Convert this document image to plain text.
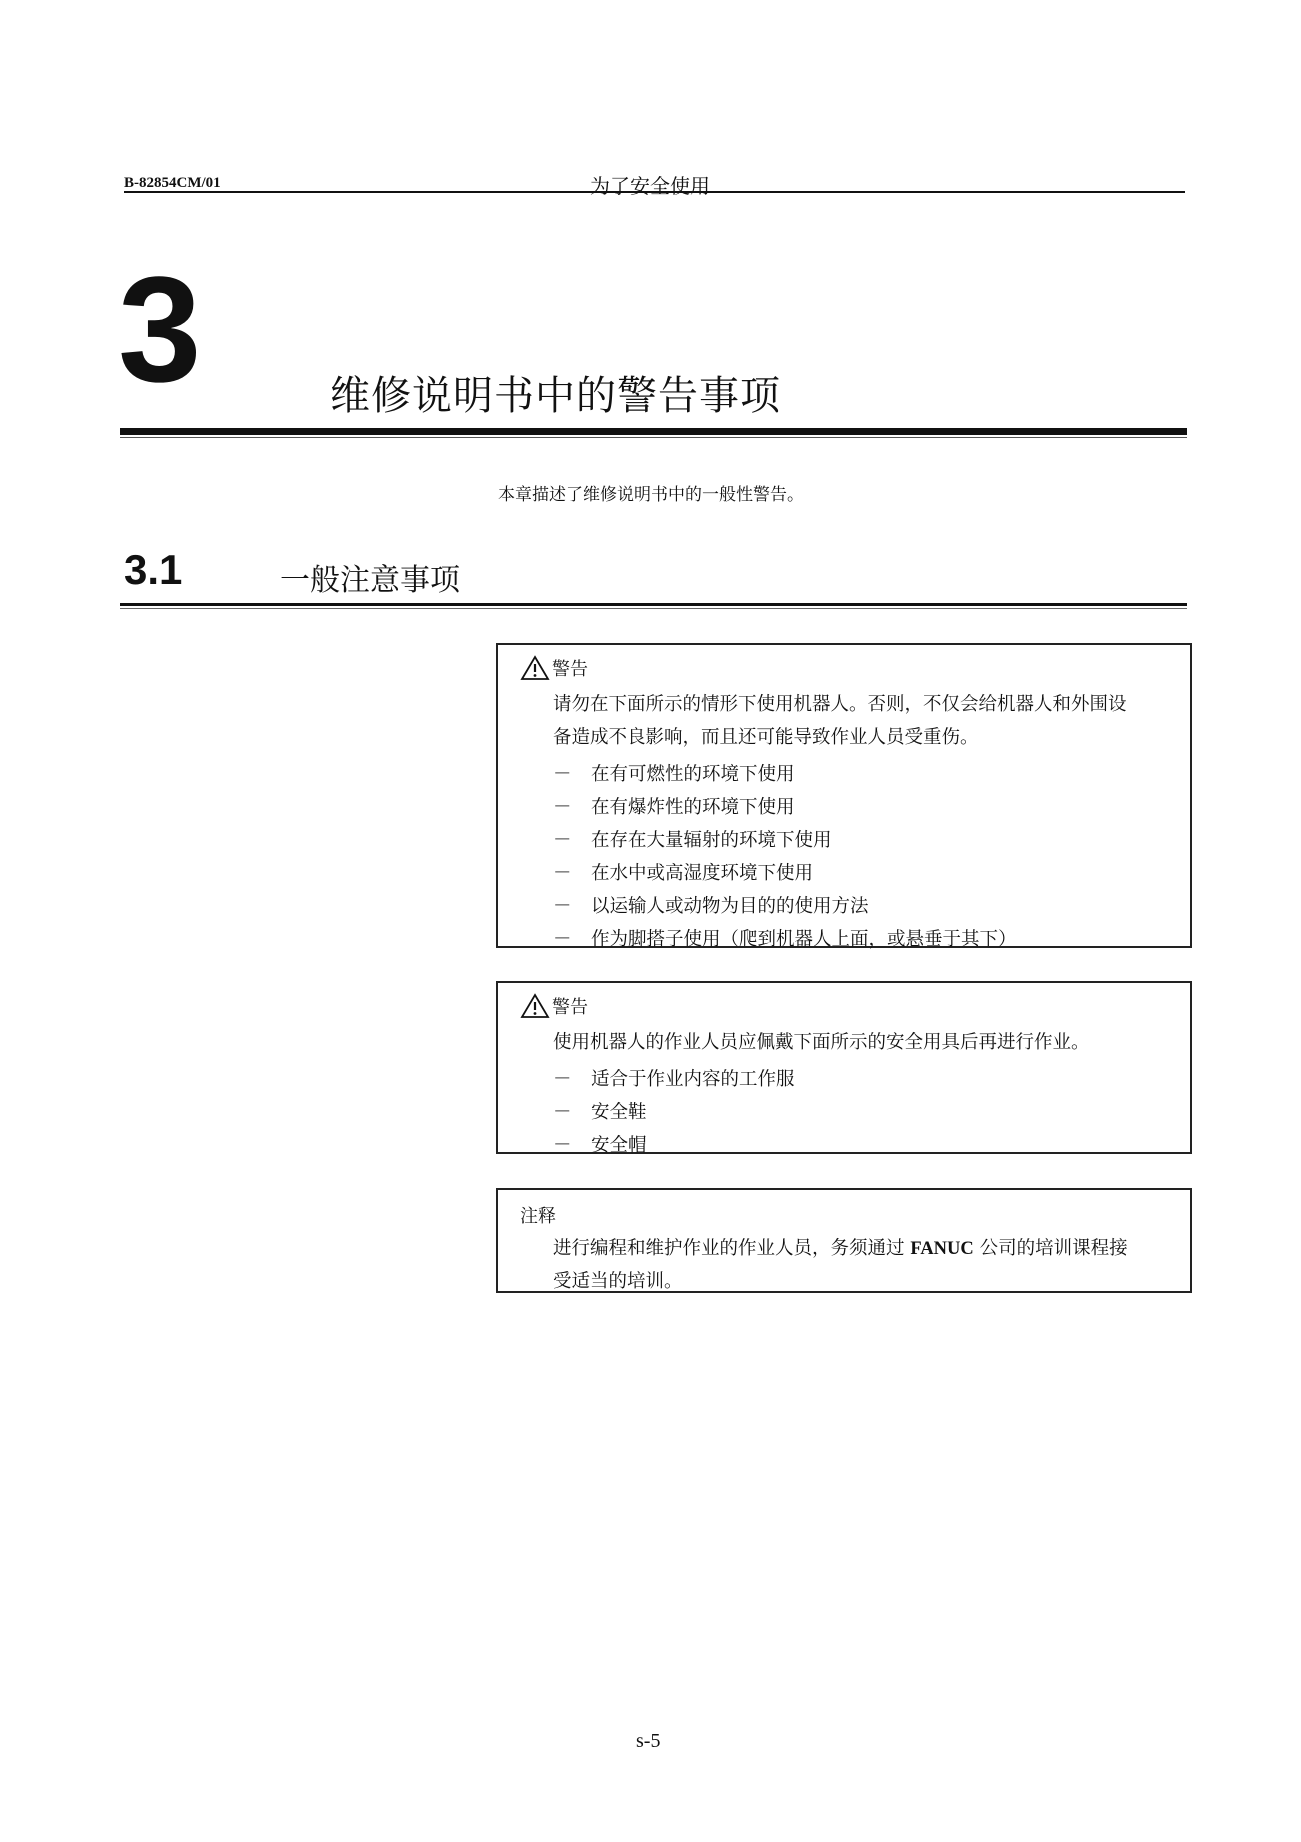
B-82854CM/01	为了安全使用
3	维修说明书中的警告事项
本章描述了维修说明书中的一般性警告。
3.1	一般注意事项
警告
请勿在下面所示的情形下使用机器人。否则，不仅会给机器人和外围设
备造成不良影响，而且还可能导致作业人员受重伤。
－ 在有可燃性的环境下使用
－ 在有爆炸性的环境下使用
－ 在存在大量辐射的环境下使用
－ 在水中或高湿度环境下使用
－ 以运输人或动物为目的的使用方法
－ 作为脚搭子使用（爬到机器人上面，或悬垂于其下）
警告
使用机器人的作业人员应佩戴下面所示的安全用具后再进行作业。
－ 适合于作业内容的工作服
－ 安全鞋
－ 安全帽
注释
进行编程和维护作业的作业人员，务须通过 FANUC 公司的培训课程接
受适当的培训。
s-5
